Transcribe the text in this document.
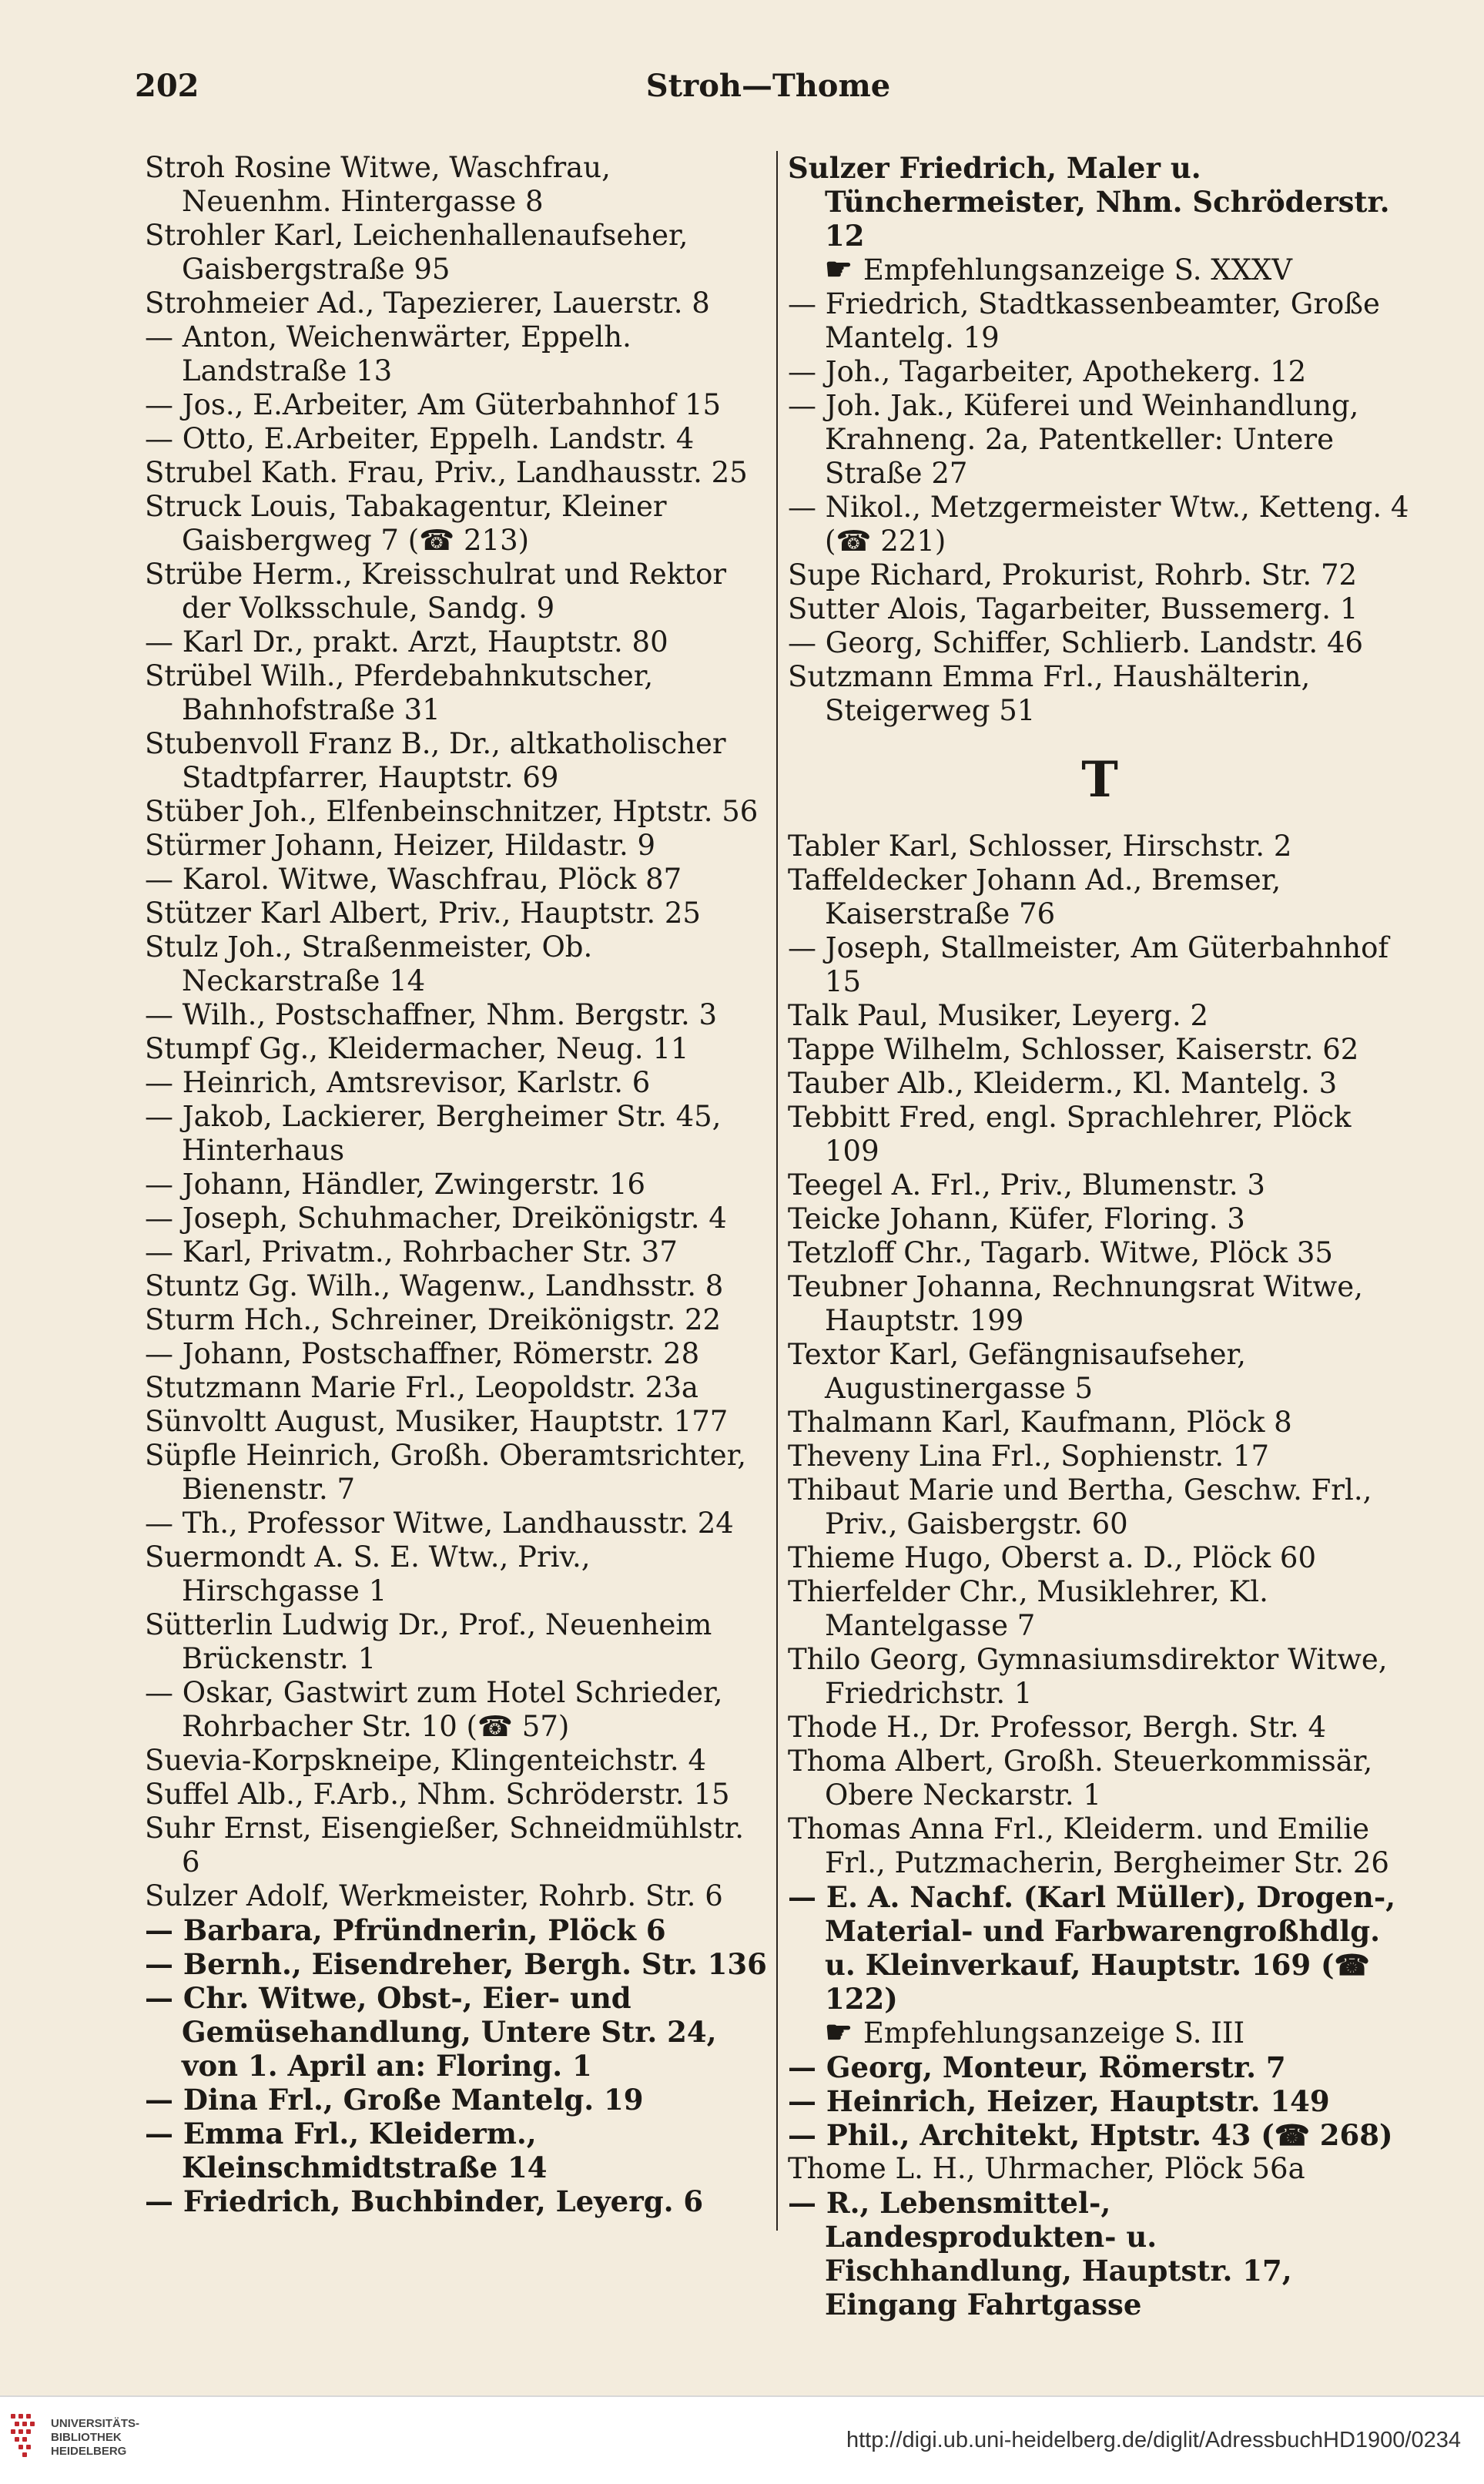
202	Stroh—Thome

Stroh Rosine Witwe, Waschfrau, Neuenhm. Hintergasse 8

Strohler Karl, Leichenhallenaufseher, Gaisbergstraße 95

Strohmeier Ad., Tapezierer, Lauerstr. 8

— Anton, Weichenwärter, Eppelh. Landstraße 13

— Jos., E.Arbeiter, Am Güterbahnhof 15

— Otto, E.Arbeiter, Eppelh. Landstr. 4

Strubel Kath. Frau, Priv., Landhausstr. 25

Struck Louis, Tabakagentur, Kleiner Gaisbergweg 7 (☎ 213)

Strübe Herm., Kreisschulrat und Rektor der Volksschule, Sandg. 9

— Karl Dr., prakt. Arzt, Hauptstr. 80

Strübel Wilh., Pferdebahnkutscher, Bahnhofstraße 31

Stubenvoll Franz B., Dr., altkatholischer Stadtpfarrer, Hauptstr. 69

Stüber Joh., Elfenbeinschnitzer, Hptstr. 56

Stürmer Johann, Heizer, Hildastr. 9

— Karol. Witwe, Waschfrau, Plöck 87

Stützer Karl Albert, Priv., Hauptstr. 25

Stulz Joh., Straßenmeister, Ob. Neckarstraße 14

— Wilh., Postschaffner, Nhm. Bergstr. 3

Stumpf Gg., Kleidermacher, Neug. 11

— Heinrich, Amtsrevisor, Karlstr. 6

— Jakob, Lackierer, Bergheimer Str. 45, Hinterhaus

— Johann, Händler, Zwingerstr. 16

— Joseph, Schuhmacher, Dreikönigstr. 4

— Karl, Privatm., Rohrbacher Str. 37

Stuntz Gg. Wilh., Wagenw., Landhsstr. 8

Sturm Hch., Schreiner, Dreikönigstr. 22

— Johann, Postschaffner, Römerstr. 28

Stutzmann Marie Frl., Leopoldstr. 23a

Sünvoltt August, Musiker, Hauptstr. 177

Süpfle Heinrich, Großh. Oberamtsrichter, Bienenstr. 7

— Th., Professor Witwe, Landhausstr. 24

Suermondt A. S. E. Wtw., Priv., Hirschgasse 1

Sütterlin Ludwig Dr., Prof., Neuenheim Brückenstr. 1

— Oskar, Gastwirt zum Hotel Schrieder, Rohrbacher Str. 10 (☎ 57)

Suevia-Korpskneipe, Klingenteichstr. 4

Suffel Alb., F.Arb., Nhm. Schröderstr. 15

Suhr Ernst, Eisengießer, Schneidmühlstr. 6

Sulzer Adolf, Werkmeister, Rohrb. Str. 6

— Barbara, Pfründnerin, Plöck 6

— Bernh., Eisendreher, Bergh. Str. 136

— Chr. Witwe, Obst-, Eier- und Gemüsehandlung, Untere Str. 24, von 1. April an: Floring. 1

— Dina Frl., Große Mantelg. 19

— Emma Frl., Kleiderm., Kleinschmidtstraße 14

— Friedrich, Buchbinder, Leyerg. 6

Sulzer Friedrich, Maler u. Tünchermeister, Nhm. Schröderstr. 12

☛ Empfehlungsanzeige S. XXXV

— Friedrich, Stadtkassenbeamter, Große Mantelg. 19

— Joh., Tagarbeiter, Apothekerg. 12

— Joh. Jak., Küferei und Weinhandlung, Krahneng. 2a, Patentkeller: Untere Straße 27

— Nikol., Metzgermeister Wtw., Ketteng. 4 (☎ 221)

Supe Richard, Prokurist, Rohrb. Str. 72

Sutter Alois, Tagarbeiter, Bussemerg. 1

— Georg, Schiffer, Schlierb. Landstr. 46

Sutzmann Emma Frl., Haushälterin, Steigerweg 51

T

Tabler Karl, Schlosser, Hirschstr. 2

Taffeldecker Johann Ad., Bremser, Kaiserstraße 76

— Joseph, Stallmeister, Am Güterbahnhof 15

Talk Paul, Musiker, Leyerg. 2

Tappe Wilhelm, Schlosser, Kaiserstr. 62

Tauber Alb., Kleiderm., Kl. Mantelg. 3

Tebbitt Fred, engl. Sprachlehrer, Plöck 109

Teegel A. Frl., Priv., Blumenstr. 3

Teicke Johann, Küfer, Floring. 3

Tetzloff Chr., Tagarb. Witwe, Plöck 35

Teubner Johanna, Rechnungsrat Witwe, Hauptstr. 199

Textor Karl, Gefängnisaufseher, Augustinergasse 5

Thalmann Karl, Kaufmann, Plöck 8

Theveny Lina Frl., Sophienstr. 17

Thibaut Marie und Bertha, Geschw. Frl., Priv., Gaisbergstr. 60

Thieme Hugo, Oberst a. D., Plöck 60

Thierfelder Chr., Musiklehrer, Kl. Mantelgasse 7

Thilo Georg, Gymnasiumsdirektor Witwe, Friedrichstr. 1

Thode H., Dr. Professor, Bergh. Str. 4

Thoma Albert, Großh. Steuerkommissär, Obere Neckarstr. 1

Thomas Anna Frl., Kleiderm. und Emilie Frl., Putzmacherin, Bergheimer Str. 26

— E. A. Nachf. (Karl Müller), Drogen-, Material- und Farbwarengroßhdlg. u. Kleinverkauf, Hauptstr. 169 (☎ 122)

☛ Empfehlungsanzeige S. III

— Georg, Monteur, Römerstr. 7

— Heinrich, Heizer, Hauptstr. 149

— Phil., Architekt, Hptstr. 43 (☎ 268)

Thome L. H., Uhrmacher, Plöck 56a

— R., Lebensmittel-, Landesprodukten- u. Fischhandlung, Hauptstr. 17, Eingang Fahrtgasse

UNIVERSITÄTS-
BIBLIOTHEK
HEIDELBERG	http://digi.ub.uni-heidelberg.de/diglit/AdressbuchHD1900/0234
